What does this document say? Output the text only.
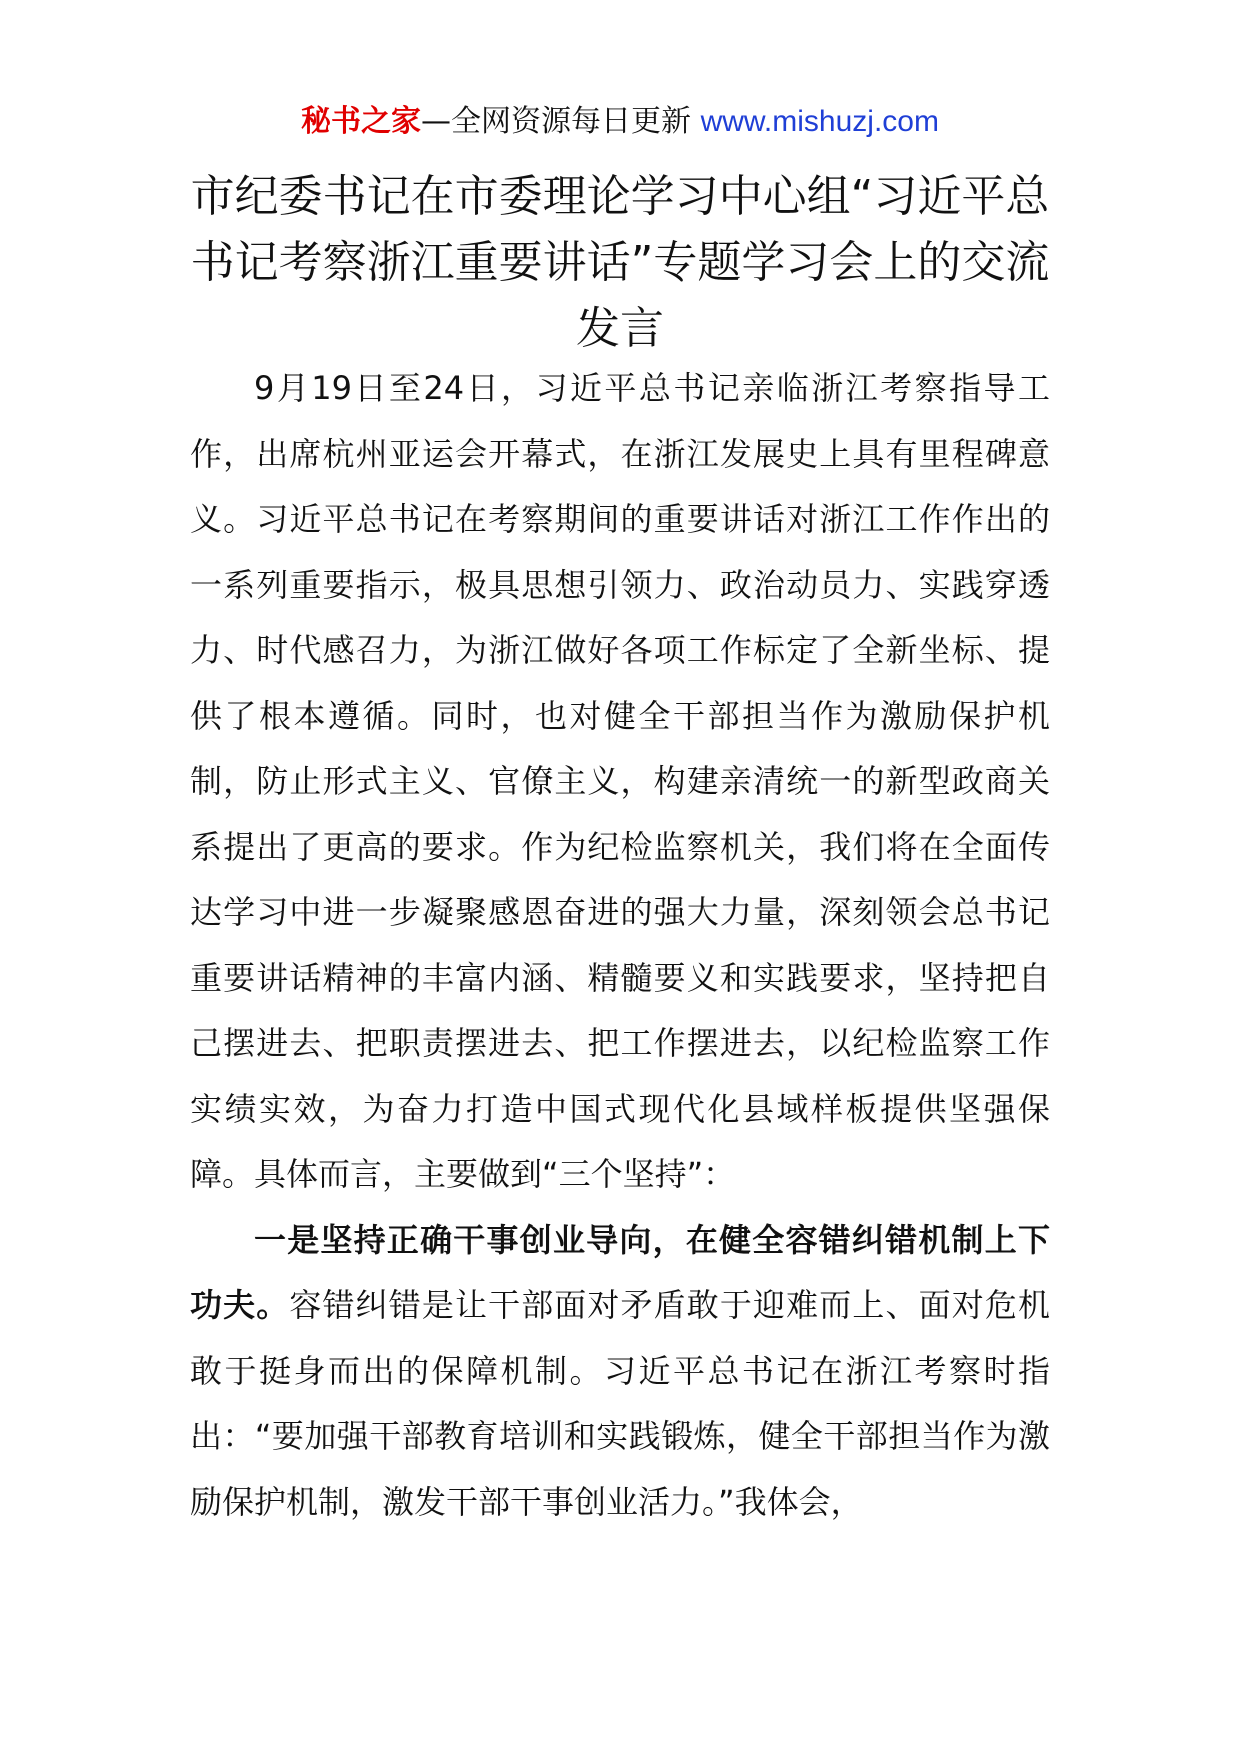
秘书之家—全网资源每日更新 www.mishuzj.com
市纪委书记在市委理论学习中心组“习近平总书记考察浙江重要讲话”专题学习会上的交流发言

9月19日至24日，习近平总书记亲临浙江考察指导工作，出席杭州亚运会开幕式，在浙江发展史上具有里程碑意义。习近平总书记在考察期间的重要讲话对浙江工作作出的一系列重要指示，极具思想引领力、政治动员力、实践穿透力、时代感召力，为浙江做好各项工作标定了全新坐标、提供了根本遵循。同时，也对健全干部担当作为激励保护机制，防止形式主义、官僚主义，构建亲清统一的新型政商关系提出了更高的要求。作为纪检监察机关，我们将在全面传达学习中进一步凝聚感恩奋进的强大力量，深刻领会总书记重要讲话精神的丰富内涵、精髓要义和实践要求，坚持把自己摆进去、把职责摆进去、把工作摆进去，以纪检监察工作实绩实效，为奋力打造中国式现代化县域样板提供坚强保障。具体而言，主要做到“三个坚持”：

一是坚持正确干事创业导向，在健全容错纠错机制上下功夫。容错纠错是让干部面对矛盾敢于迎难而上、面对危机敢于挺身而出的保障机制。习近平总书记在浙江考察时指出：“要加强干部教育培训和实践锻炼，健全干部担当作为激励保护机制，激发干部干事创业活力。”我体会，
